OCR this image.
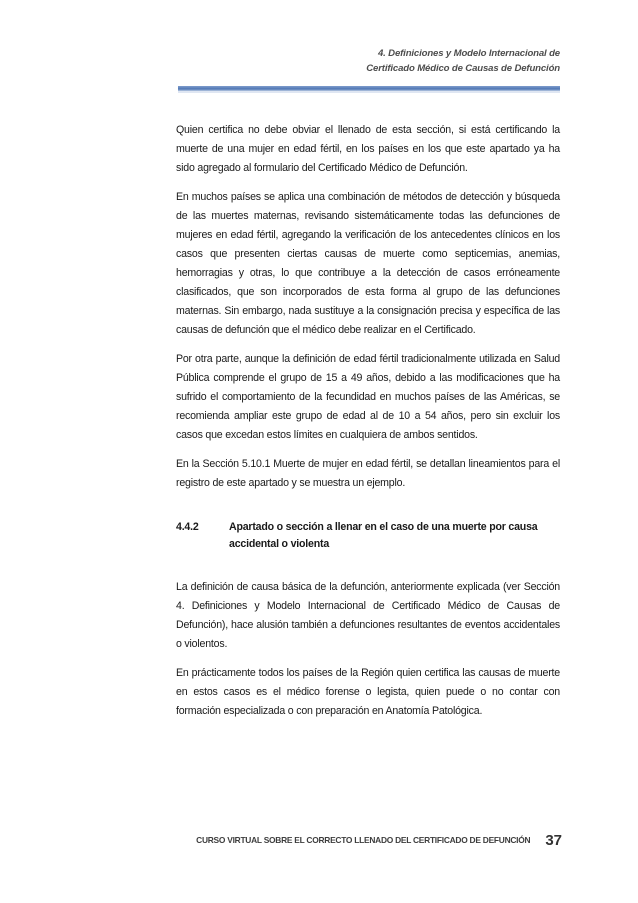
4. Definiciones y Modelo Internacional de
Certificado Médico de Causas de Defunción

Quien certifica no debe obviar el llenado de esta sección, si está certificando la muerte de una mujer en edad fértil, en los países en los que este apartado ya ha sido agregado al formulario del Certificado Médico de Defunción.

En muchos países se aplica una combinación de métodos de detección y búsqueda de las muertes maternas, revisando sistemáticamente todas las defunciones de mujeres en edad fértil, agregando la verificación de los antecedentes clínicos en los casos que presenten ciertas causas de muerte como septicemias, anemias, hemorragias y otras, lo que contribuye a la detección de casos erróneamente clasificados, que son incorporados de esta forma al grupo de las defunciones maternas. Sin embargo, nada sustituye a la consignación precisa y específica de las causas de defunción que el médico debe realizar en el Certificado.

Por otra parte, aunque la definición de edad fértil tradicionalmente utilizada en Salud Pública comprende el grupo de 15 a 49 años, debido a las modificaciones que ha sufrido el comportamiento de la fecundidad en muchos países de las Américas, se recomienda ampliar este grupo de edad al de 10 a 54 años, pero sin excluir los casos que excedan estos límites en cualquiera de ambos sentidos.

En la Sección 5.10.1 Muerte de mujer en edad fértil, se detallan lineamientos para el registro de este apartado y se muestra un ejemplo.

4.4.2	Apartado o sección a llenar en el caso de una muerte por causa accidental o violenta

La definición de causa básica de la defunción, anteriormente explicada (ver Sección 4. Definiciones y Modelo Internacional de Certificado Médico de Causas de Defunción), hace alusión también a defunciones resultantes de eventos accidentales o violentos.

En prácticamente todos los países de la Región quien certifica las causas de muerte en estos casos es el médico forense o legista, quien puede o no contar con formación especializada o con preparación en Anatomía Patológica.

CURSO VIRTUAL SOBRE EL CORRECTO LLENADO DEL CERTIFICADO DE DEFUNCIÓN	37
